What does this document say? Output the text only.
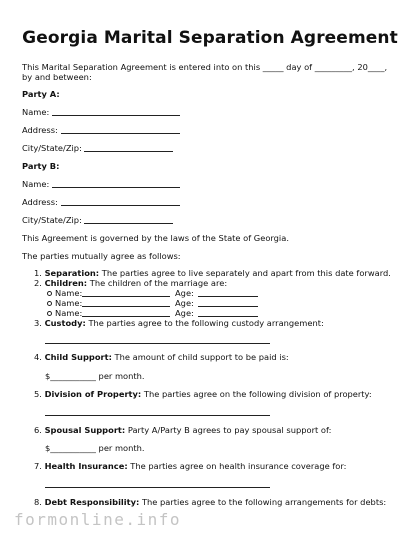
Georgia Marital Separation Agreement
This Marital Separation Agreement is entered into on this _____ day of _________, 20____,
by and between:
Party A:
Name:
Address:
City/State/Zip:
Party B:
Name:
Address:
City/State/Zip:
This Agreement is governed by the laws of the State of Georgia.
The parties mutually agree as follows:
1. Separation: The parties agree to live separately and apart from this date forward.
2. Children: The children of the marriage are:
Name:	Age:
Name:	Age:
Name:	Age:
3. Custody: The parties agree to the following custody arrangement:
4. Child Support: The amount of child support to be paid is:
$___________ per month.
5. Division of Property: The parties agree on the following division of property:
6. Spousal Support: Party A/Party B agrees to pay spousal support of:
$___________ per month.
7. Health Insurance: The parties agree on health insurance coverage for:
8. Debt Responsibility: The parties agree to the following arrangements for debts:
formonline.info
